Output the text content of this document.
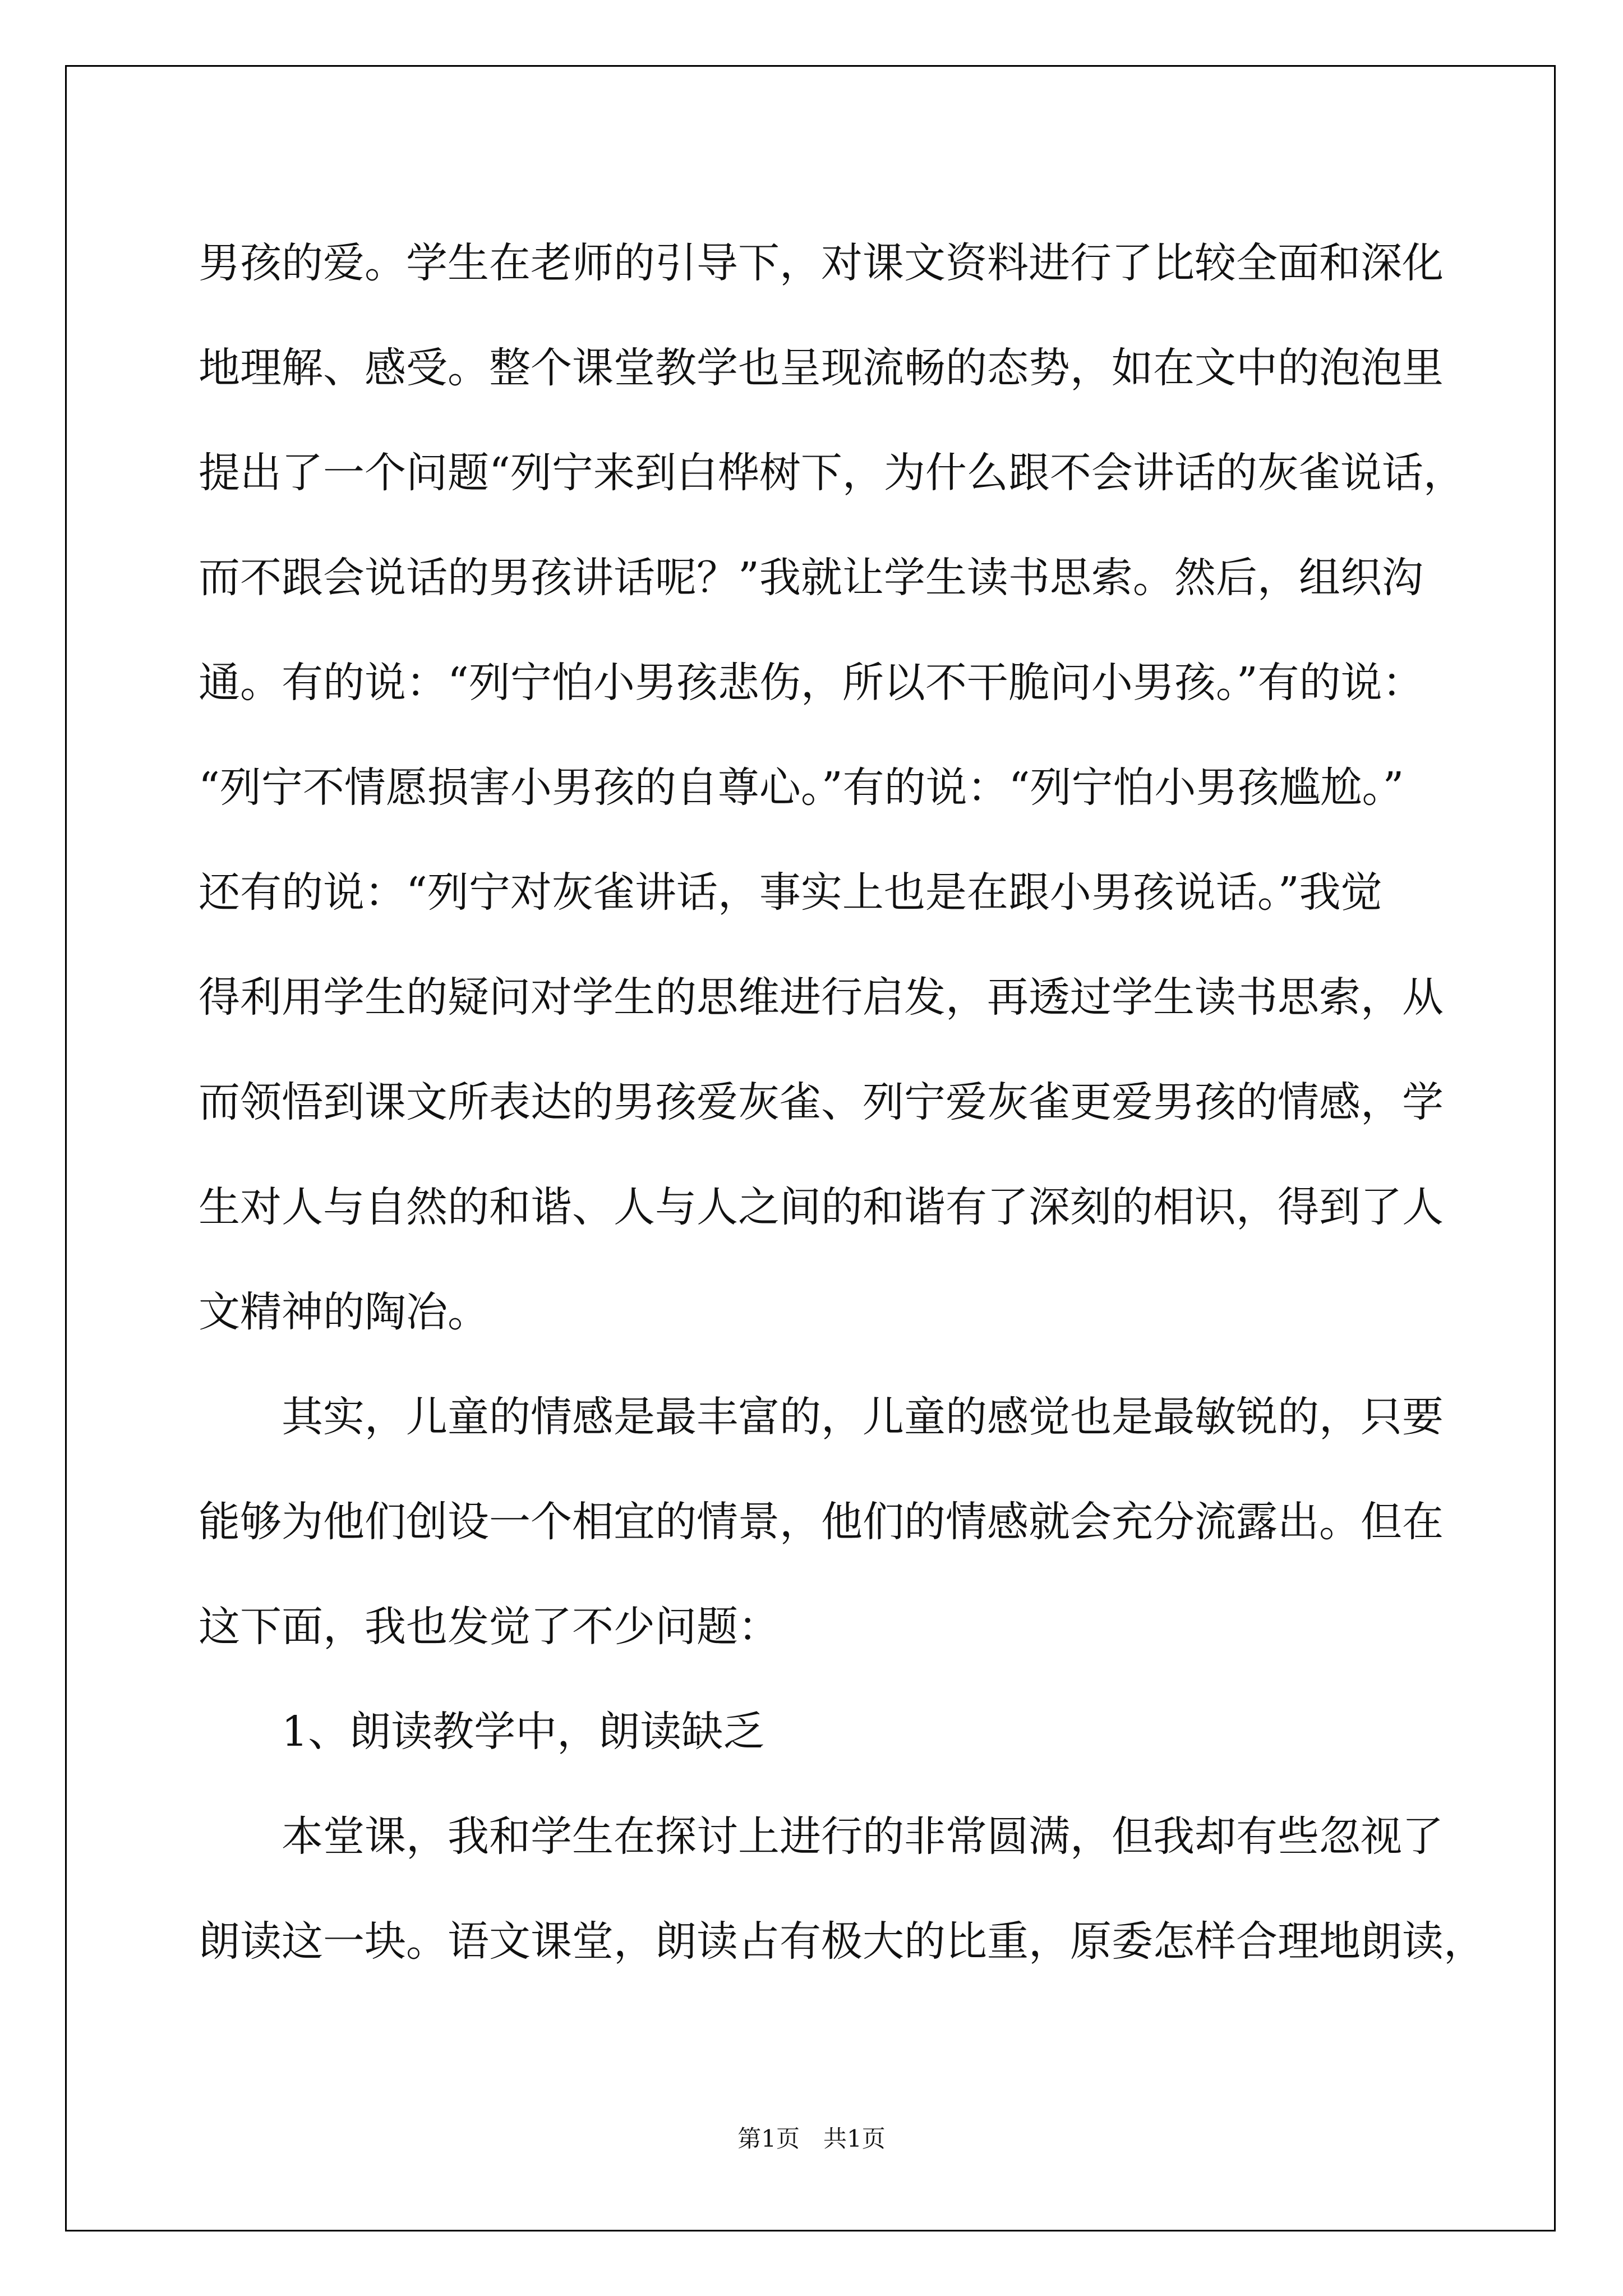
男孩的爱。学生在老师的引导下，对课文资料进行了比较全面和深化
地理解、感受。整个课堂教学也呈现流畅的态势，如在文中的泡泡里
提出了一个问题“列宁来到白桦树下，为什么跟不会讲话的灰雀说话，
而不跟会说话的男孩讲话呢？”我就让学生读书思索。然后，组织沟
通。有的说：“列宁怕小男孩悲伤，所以不干脆问小男孩。”有的说：
“列宁不情愿损害小男孩的自尊心。”有的说：“列宁怕小男孩尴尬。”
还有的说：“列宁对灰雀讲话，事实上也是在跟小男孩说话。”我觉
得利用学生的疑问对学生的思维进行启发，再透过学生读书思索，从
而领悟到课文所表达的男孩爱灰雀、列宁爱灰雀更爱男孩的情感，学
生对人与自然的和谐、人与人之间的和谐有了深刻的相识，得到了人
文精神的陶冶。
其实，儿童的情感是最丰富的，儿童的感觉也是最敏锐的，只要
能够为他们创设一个相宜的情景，他们的情感就会充分流露出。但在
这下面，我也发觉了不少问题：
1、朗读教学中，朗读缺乏
本堂课，我和学生在探讨上进行的非常圆满，但我却有些忽视了
朗读这一块。语文课堂，朗读占有极大的比重，原委怎样合理地朗读，
第1页　共1页
